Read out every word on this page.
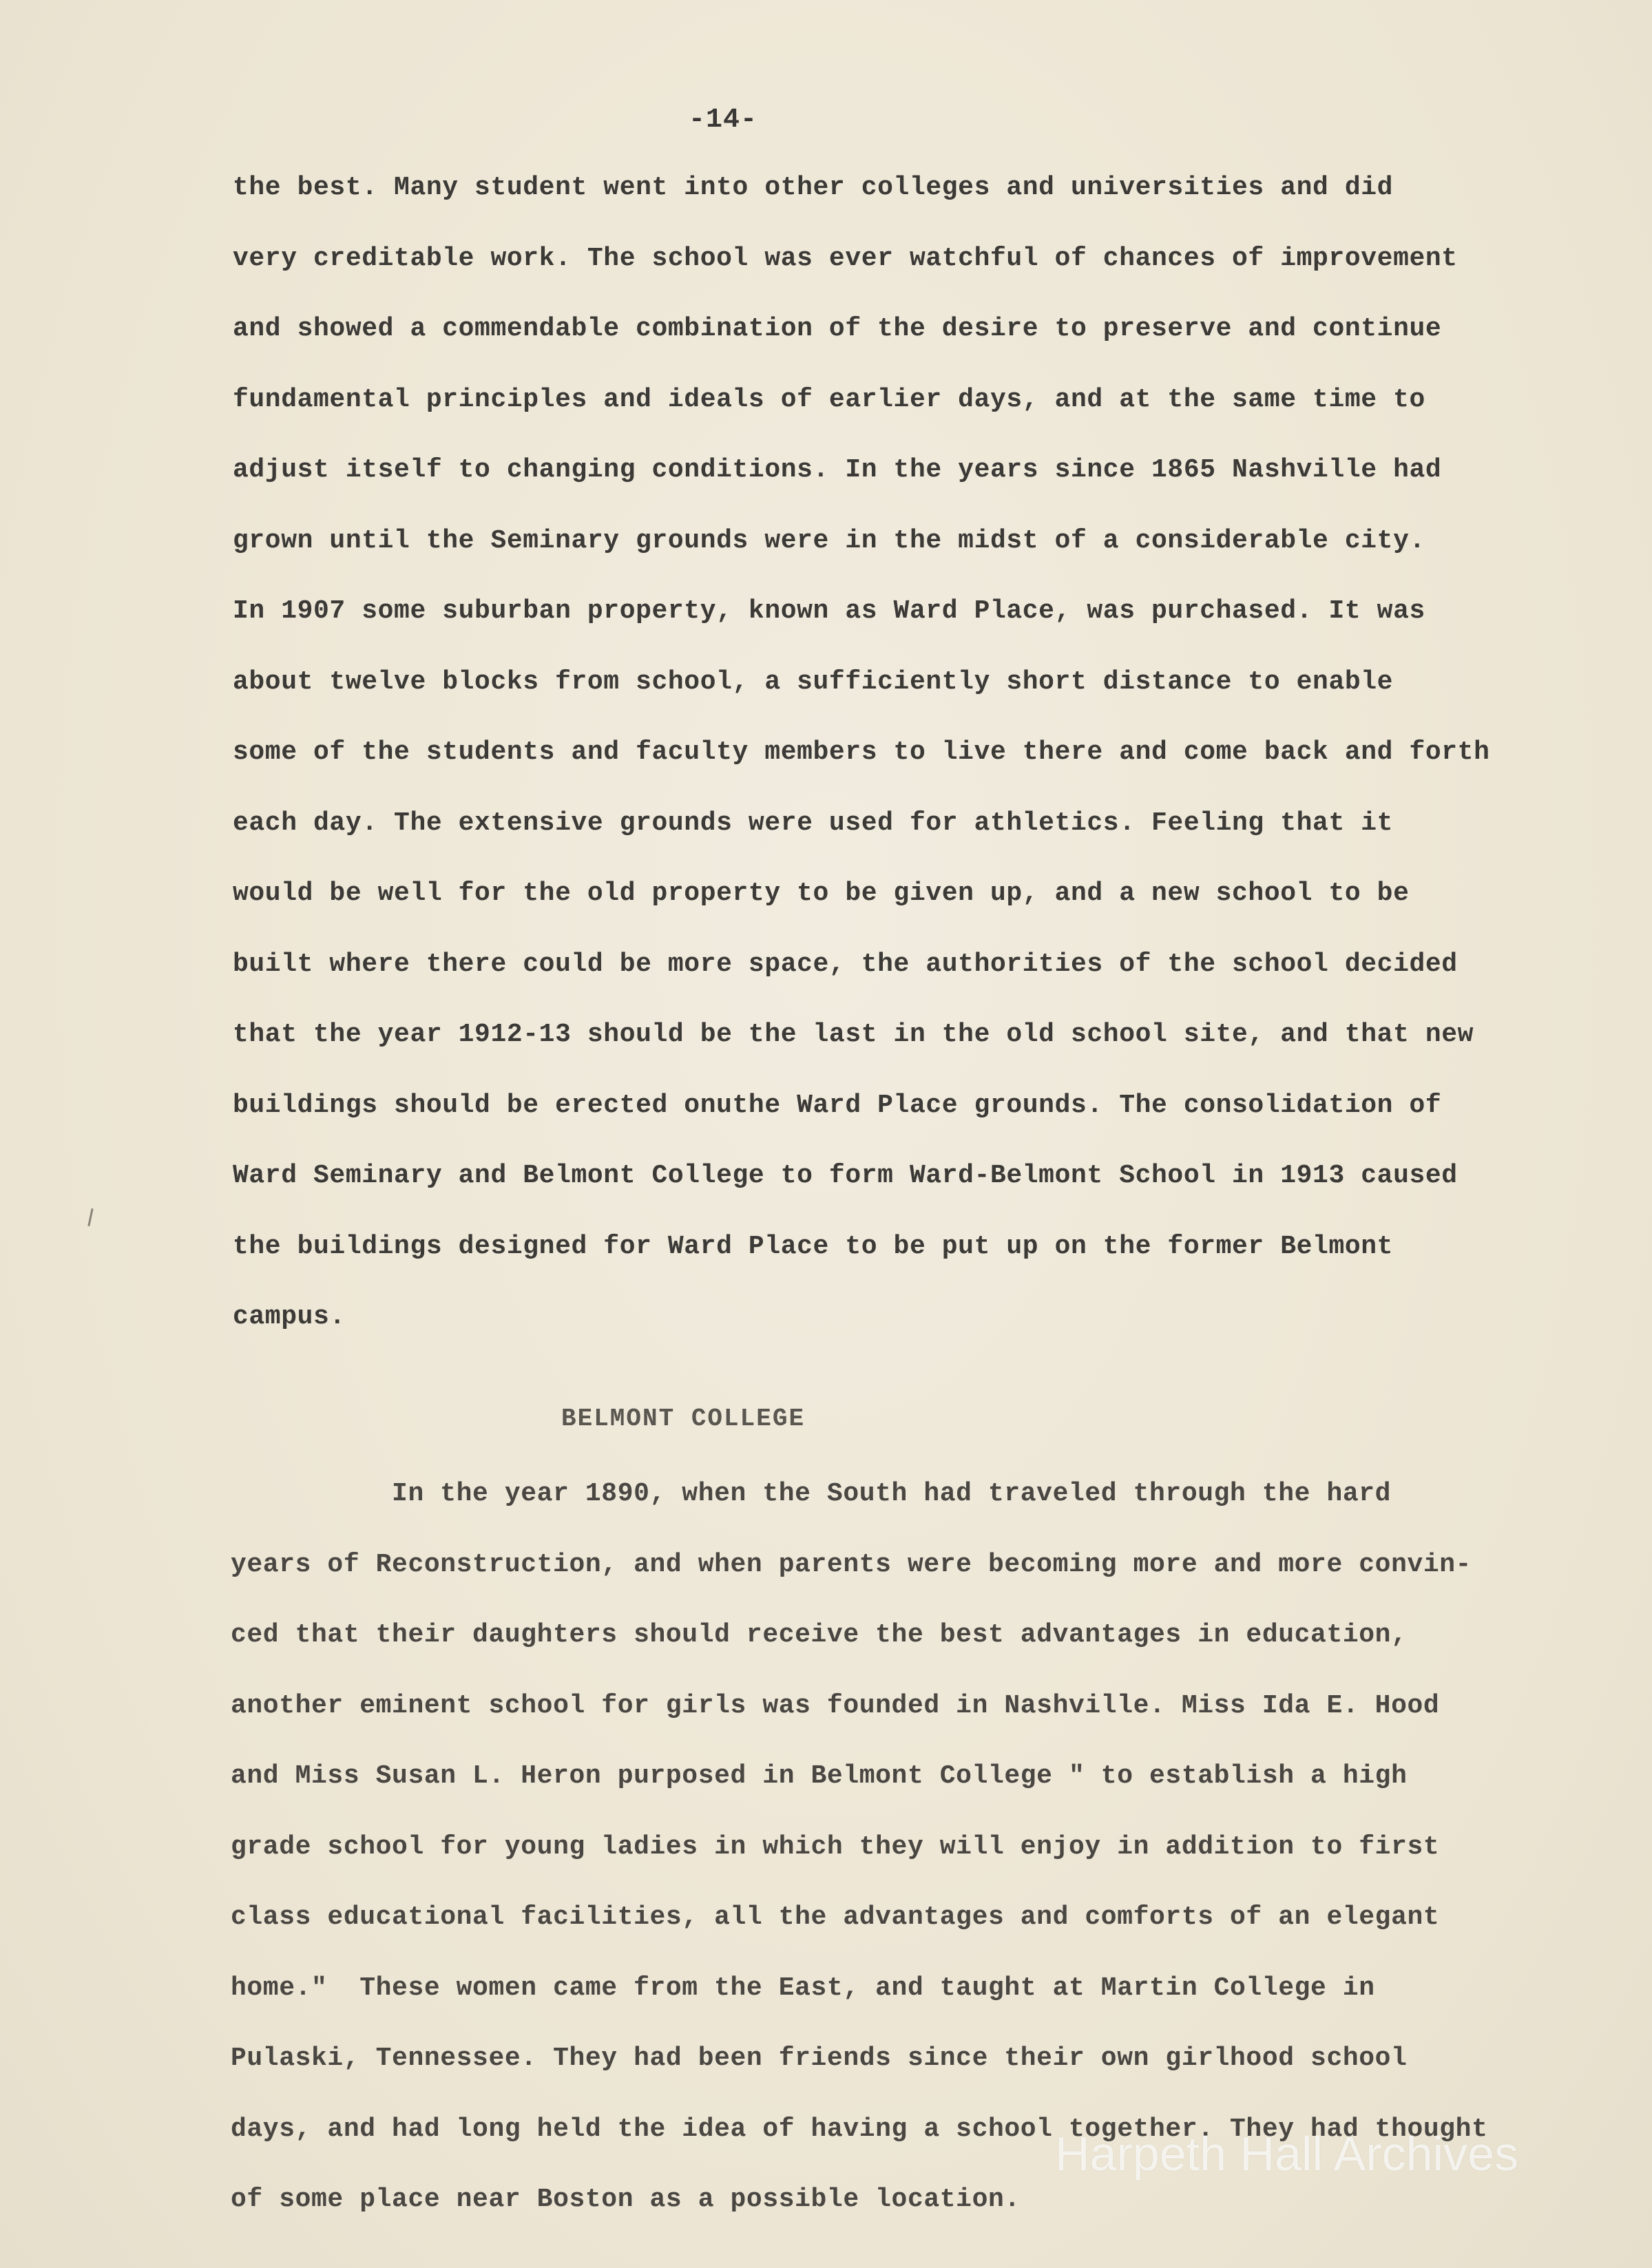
-14-
the best. Many student went into other colleges and universities and did
very creditable work. The school was ever watchful of chances of improvement
and showed a commendable combination of the desire to preserve and continue
fundamental principles and ideals of earlier days, and at the same time to
adjust itself to changing conditions. In the years since 1865 Nashville had
grown until the Seminary grounds were in the midst of a considerable city.
In 1907 some suburban property, known as Ward Place, was purchased. It was
about twelve blocks from school, a sufficiently short distance to enable
some of the students and faculty members to live there and come back and forth
each day. The extensive grounds were used for athletics. Feeling that it
would be well for the old property to be given up, and a new school to be
built where there could be more space, the authorities of the school decided
that the year 1912-13 should be the last in the old school site, and that new
buildings should be erected onuthe Ward Place grounds. The consolidation of
Ward Seminary and Belmont College to form Ward-Belmont School in 1913 caused
the buildings designed for Ward Place to be put up on the former Belmont
campus.
BELMONT COLLEGE
In the year 1890, when the South had traveled through the hard
years of Reconstruction, and when parents were becoming more and more convin-
ced that their daughters should receive the best advantages in education,
another eminent school for girls was founded in Nashville. Miss Ida E. Hood
and Miss Susan L. Heron purposed in Belmont College " to establish a high
grade school for young ladies in which they will enjoy in addition to first
class educational facilities, all the advantages and comforts of an elegant
home."  These women came from the East, and taught at Martin College in
Pulaski, Tennessee. They had been friends since their own girlhood school
days, and had long held the idea of having a school together. They had thought
of some place near Boston as a possible location.
Harpeth Hall Archives
